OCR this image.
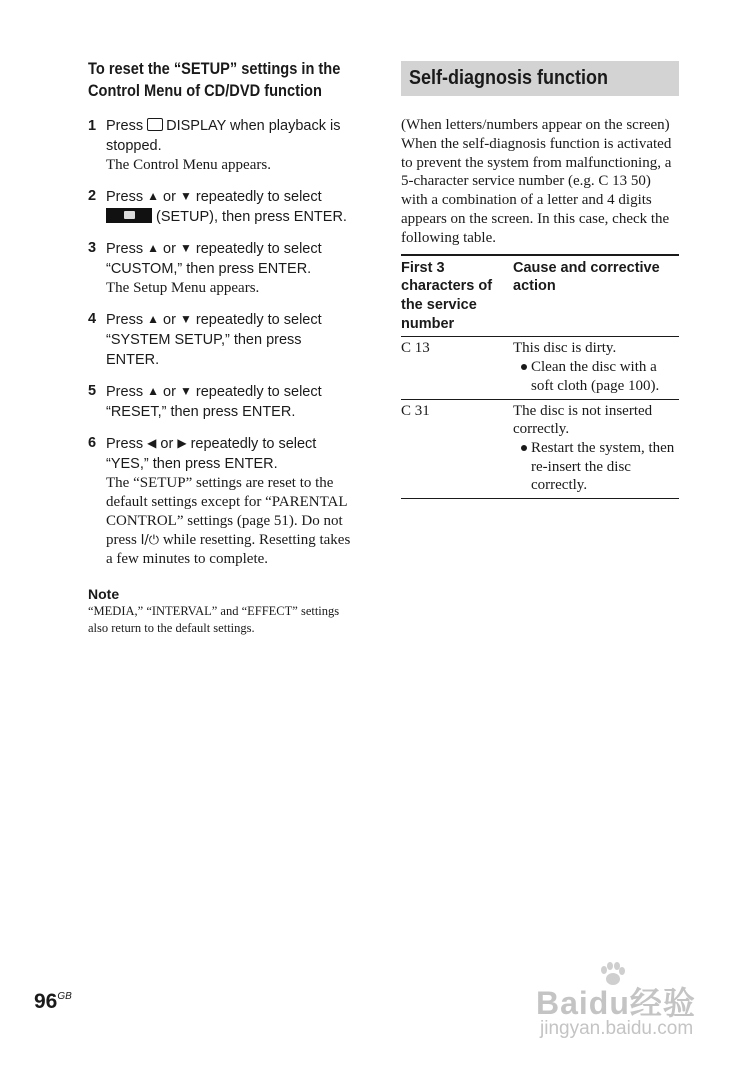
To reset the “SETUP” settings in the Control Menu of CD/DVD function
1 Press DISPLAY when playback is stopped.

The Control Menu appears.

2 Press ▲ or ▼ repeatedly to select

(SETUP), then press ENTER.

3 Press ▲ or ▼ repeatedly to select
“CUSTOM,” then press ENTER.

The Setup Menu appears.

4 Press ▲ or ▼ repeatedly to select
“SYSTEM SETUP,” then press ENTER.

5 Press ▲ or ▼ repeatedly to select
“RESET,” then press ENTER.

6 Press ◀ or ▶ repeatedly to select
“YES,” then press ENTER.

The “SETUP” settings are reset to the default settings except for “PARENTAL CONTROL” settings (page 51). Do not press I/⏻ while resetting. Resetting takes a few minutes to complete.

Note

“MEDIA,” “INTERVAL” and “EFFECT” settings also return to the default settings.

Self-diagnosis function

(When letters/numbers appear on the screen)

When the self-diagnosis function is activated to prevent the system from malfunctioning, a 5-character service number (e.g. C 13 50) with a combination of a letter and 4 digits appears on the screen. In this case, check the following table.

First 3 characters of the service number	Cause and corrective action
C 13	This disc is dirty.
Clean the disc with a soft cloth (page 100).

C 31	The disc is not inserted correctly.
Restart the system, then re-insert the disc correctly.
$96^{GB}$	Baidu经验
jingyan.baidu.com
